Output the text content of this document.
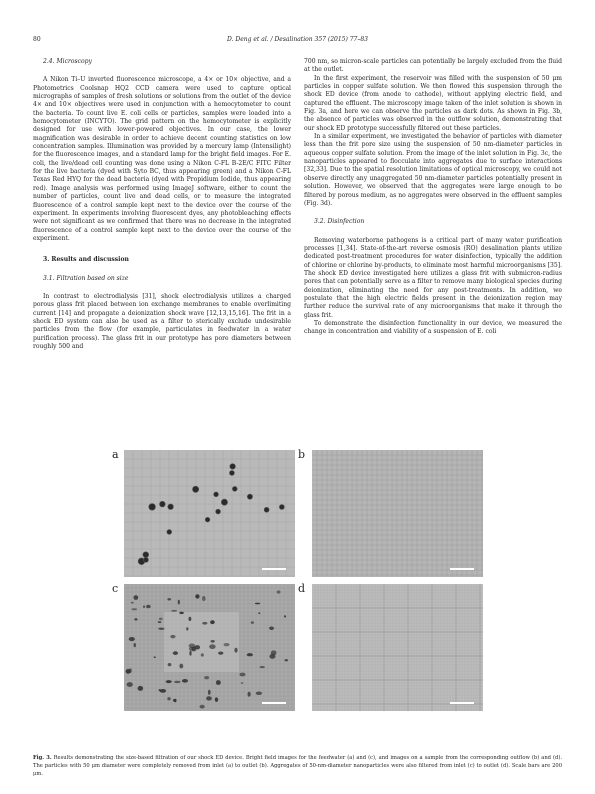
80	D. Deng et al. / Desalination 357 (2015) 77–83

2.4. Microscopy

A Nikon Ti–U inverted fluorescence microscope, a 4× or 10× objective, and a Photometrics Coolsnap HQ2 CCD camera were used to capture optical micrographs of samples of fresh solutions or solutions from the outlet of the device 4× and 10× objectives were used in conjunction with a hemocytometer to count the bacteria. To count live E. coli cells or particles, samples were loaded into a hemocytometer (INCYTO). The grid pattern on the hemocytometer is explicitly designed for use with lower-powered objectives. In our case, the lower magnification was desirable in order to achieve decent counting statistics on low concentration samples. Illumination was provided by a mercury lamp (Intensilight) for the fluorescence images, and a standard lamp for the bright field images. For E. coli, the live/dead cell counting was done using a Nikon C-FL B-2E/C FITC Filter for the live bacteria (dyed with Syto BC, thus appearing green) and a Nikon C-FL Texas Red HYQ for the dead bacteria (dyed with Propidium Iodide, thus appearing red). Image analysis was performed using ImageJ software, either to count the number of particles, count live and dead cells, or to measure the integrated fluorescence of a control sample kept next to the device over the course of the experiment. In experiments involving fluorescent dyes, any photobleaching effects were not significant as we confirmed that there was no decrease in the integrated fluorescence of a control sample kept next to the device over the course of the experiment.

3. Results and discussion

3.1. Filtration based on size

In contrast to electrodialysis [31], shock electrodialysis utilizes a charged porous glass frit placed between ion exchange membranes to enable overlimiting current [14] and propagate a deionization shock wave [12,13,15,16]. The frit in a shock ED system can also be used as a filter to sterically exclude undesirable particles from the flow (for example, particulates in feedwater in a water purification process). The glass frit in our prototype has pore diameters between roughly 500 and

700 nm, so micron-scale particles can potentially be largely excluded from the fluid at the outlet.

In the first experiment, the reservoir was filled with the suspension of 50 μm particles in copper sulfate solution. We then flowed this suspension through the shock ED device (from anode to cathode), without applying electric field, and captured the effluent. The microscopy image taken of the inlet solution is shown in Fig. 3a, and here we can observe the particles as dark dots. As shown in Fig. 3b, the absence of particles was observed in the outflow solution, demonstrating that our shock ED prototype successfully filtered out these particles.

In a similar experiment, we investigated the behavior of particles with diameter less than the frit pore size using the suspension of 50 nm-diameter particles in aqueous copper sulfate solution. From the image of the inlet solution in Fig. 3c, the nanoparticles appeared to flocculate into aggregates due to surface interactions [32,33]. Due to the spatial resolution limitations of optical microscopy, we could not observe directly any unaggregated 50 nm-diameter particles potentially present in solution. However, we observed that the aggregates were large enough to be filtered by porous medium, as no aggregates were observed in the effluent samples (Fig. 3d).

3.2. Disinfection

Removing waterborne pathogens is a critical part of many water purification processes [1,34]. State-of-the-art reverse osmosis (RO) desalination plants utilize dedicated post-treatment procedures for water disinfection, typically the addition of chlorine or chlorine by-products, to eliminate most harmful microorganisms [35]. The shock ED device investigated here utilizes a glass frit with submicron-radius pores that can potentially serve as a filter to remove many biological species during deionization, eliminating the need for any post-treatments. In addition, we postulate that the high electric fields present in the deionization region may further reduce the survival rate of any microorganisms that make it through the glass frit.

To demonstrate the disinfection functionality in our device, we measured the change in concentration and viability of a suspension of E. coli

a	b
c	d
Fig. 3. Results demonstrating the size-based filtration of our shock ED device. Bright field images for the feedwater (a) and (c), and images on a sample from the corresponding outflow (b) and (d). The particles with 50 μm diameter were completely removed from inlet (a) to outlet (b). Aggregates of 50-nm-diameter nanoparticles were also filtered from inlet (c) to outlet (d). Scale bars are 200 μm.
